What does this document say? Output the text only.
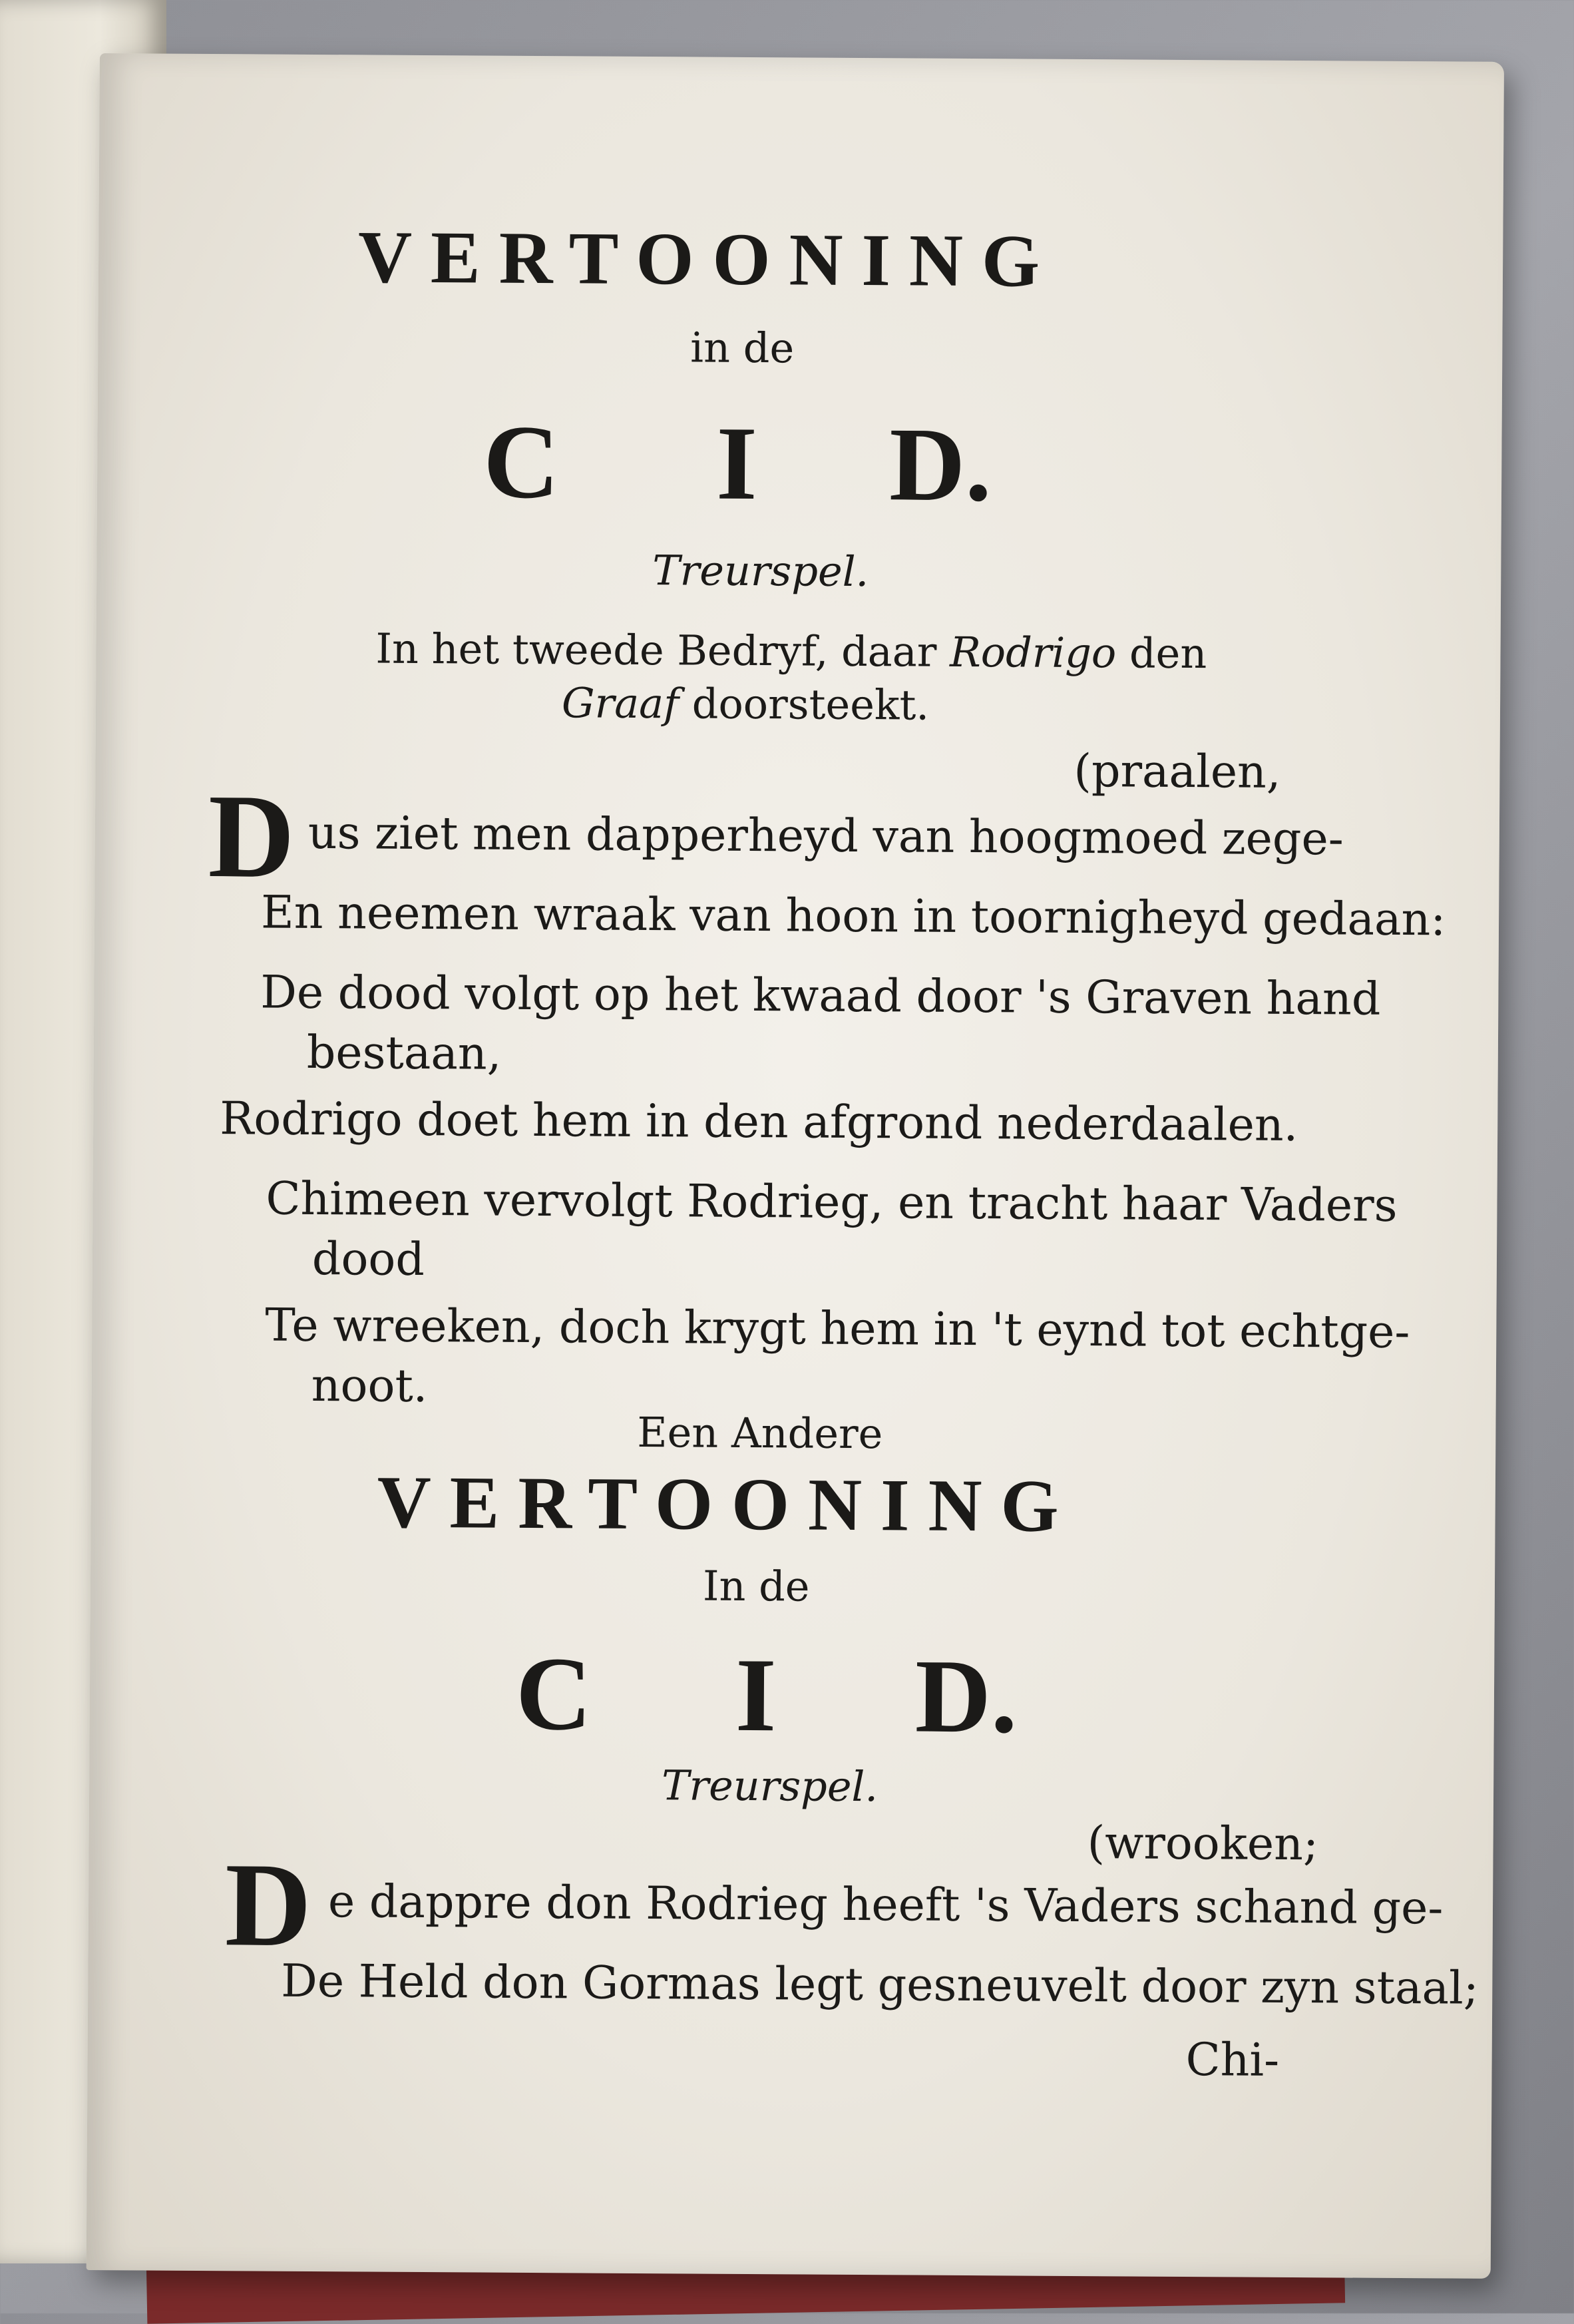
VERTOONING
in de
C I D.
Treurspel.
In het tweede Bedryf, daar Rodrigo den
Graaf doorsteekt.
(praalen,
D us ziet men dapperheyd van hoogmoed zege-
En neemen wraak van hoon in toornigheyd gedaan:
De dood volgt op het kwaad door 's Graven hand
bestaan,
Rodrigo doet hem in den afgrond nederdaalen.
Chimeen vervolgt Rodrieg, en tracht haar Vaders
dood
Te wreeken, doch krygt hem in 't eynd tot echtge-
noot.
Een Andere
VERTOONING
In de
C I D.
Treurspel.
(wrooken;
D e dappre don Rodrieg heeft 's Vaders schand ge-
De Held don Gormas legt gesneuvelt door zyn staal;
Chi-
